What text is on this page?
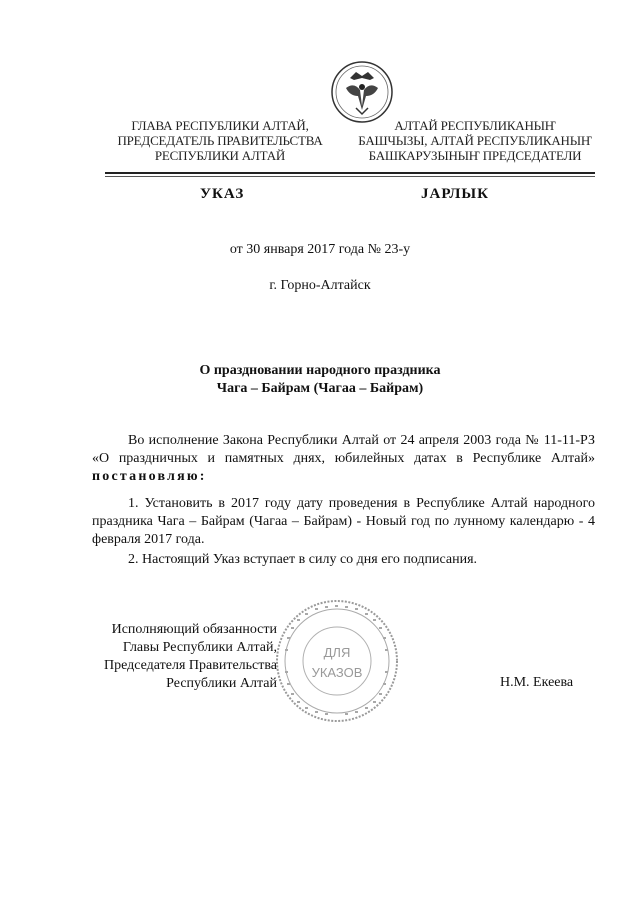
ГЛАВА РЕСПУБЛИКИ АЛТАЙ,
ПРЕДСЕДАТЕЛЬ ПРАВИТЕЛЬСТВА
РЕСПУБЛИКИ АЛТАЙ
АЛТАЙ РЕСПУБЛИКАНЫҤ
БАШЧЫЗЫ, АЛТАЙ РЕСПУБЛИКАНЫҤ
БАШКАРУЗЫНЫҤ ПРЕДСЕДАТЕЛИ
УКАЗ	JАРЛЫК
от 30 января 2017 года № 23-у
г. Горно-Алтайск
О праздновании народного праздника
Чага – Байрам (Чагаа – Байрам)
Во исполнение Закона Республики Алтай от 24 апреля 2003 года № 11-11-РЗ «О праздничных и памятных днях, юбилейных датах в Республике Алтай» постановляю:
1. Установить в 2017 году дату проведения в Республике Алтай народного праздника Чага – Байрам (Чагаа – Байрам) - Новый год по лунному календарю - 4 февраля 2017 года.
2. Настоящий Указ вступает в силу со дня его подписания.
Исполняющий обязанности
Главы Республики Алтай,
Председателя Правительства
Республики Алтай
ДЛЯ
УКАЗОВ
Н.М. Екеева
